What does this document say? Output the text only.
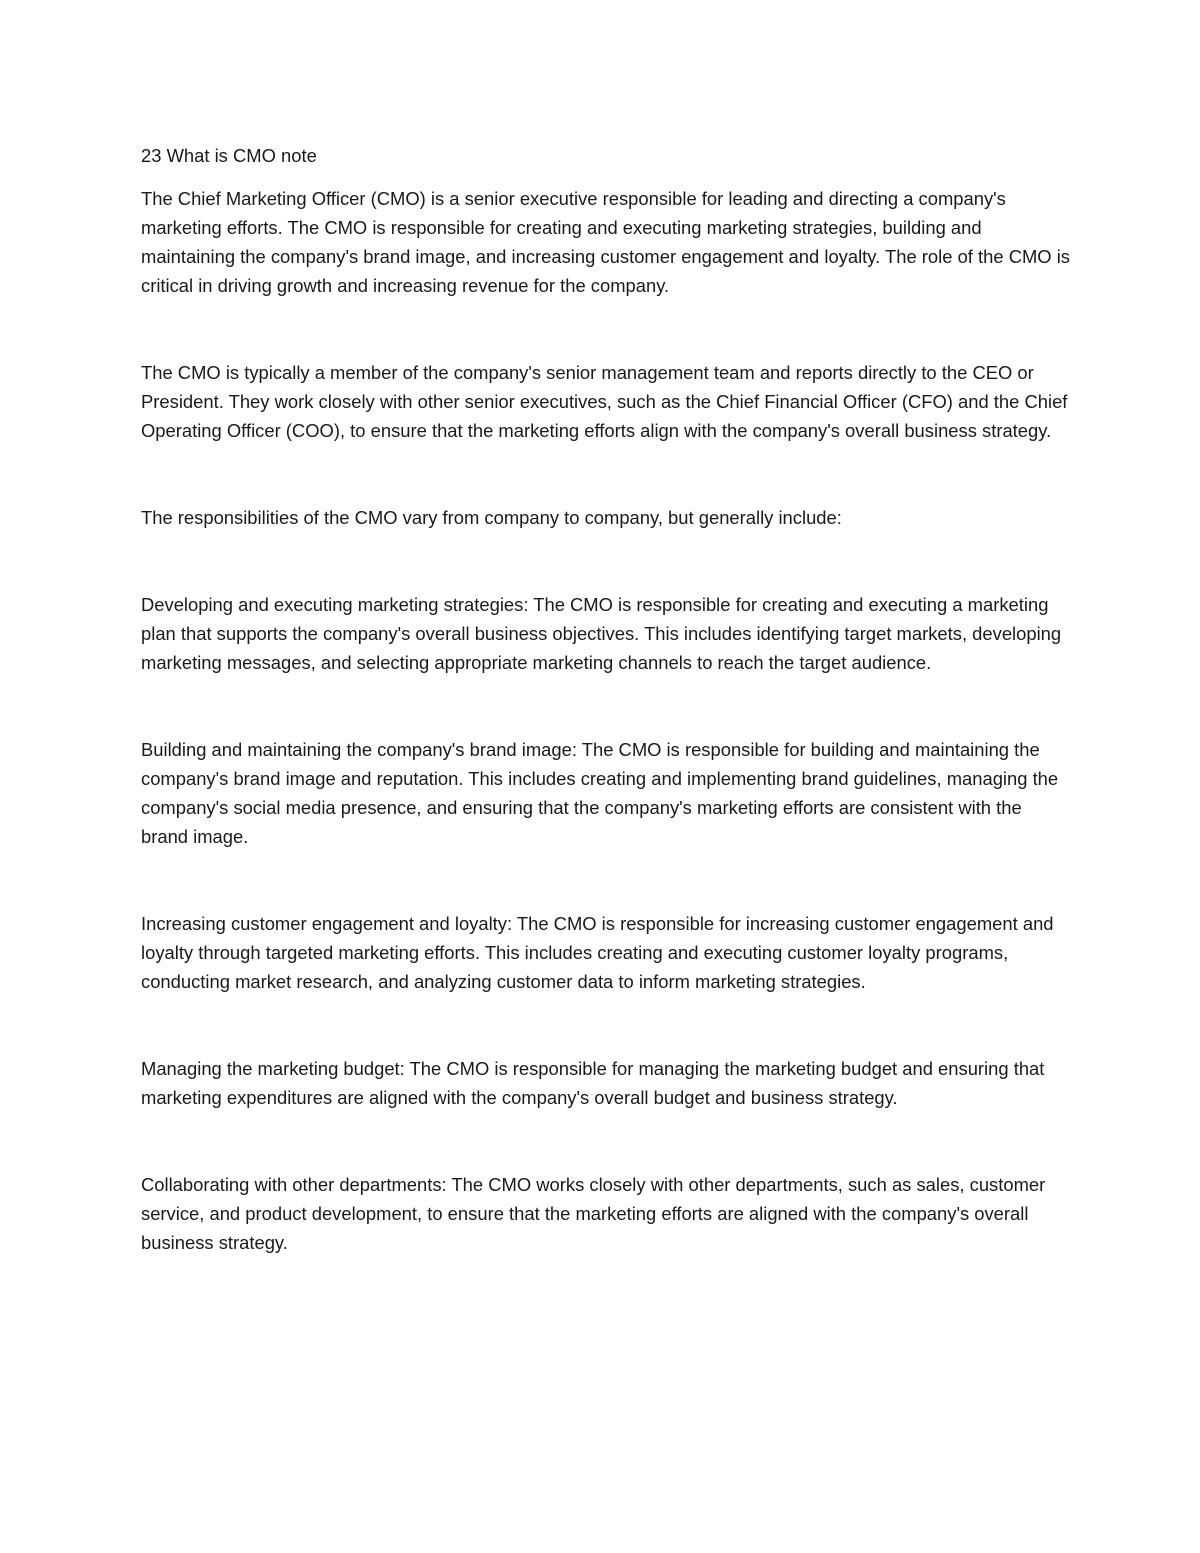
23 What is CMO note

The Chief Marketing Officer (CMO) is a senior executive responsible for leading and directing a company's marketing efforts. The CMO is responsible for creating and executing marketing strategies, building and maintaining the company's brand image, and increasing customer engagement and loyalty. The role of the CMO is critical in driving growth and increasing revenue for the company.

The CMO is typically a member of the company's senior management team and reports directly to the CEO or President. They work closely with other senior executives, such as the Chief Financial Officer (CFO) and the Chief Operating Officer (COO), to ensure that the marketing efforts align with the company's overall business strategy.

The responsibilities of the CMO vary from company to company, but generally include:

Developing and executing marketing strategies: The CMO is responsible for creating and executing a marketing plan that supports the company's overall business objectives. This includes identifying target markets, developing marketing messages, and selecting appropriate marketing channels to reach the target audience.

Building and maintaining the company's brand image: The CMO is responsible for building and maintaining the company's brand image and reputation. This includes creating and implementing brand guidelines, managing the company's social media presence, and ensuring that the company's marketing efforts are consistent with the brand image.

Increasing customer engagement and loyalty: The CMO is responsible for increasing customer engagement and loyalty through targeted marketing efforts. This includes creating and executing customer loyalty programs, conducting market research, and analyzing customer data to inform marketing strategies.

Managing the marketing budget: The CMO is responsible for managing the marketing budget and ensuring that marketing expenditures are aligned with the company's overall budget and business strategy.

Collaborating with other departments: The CMO works closely with other departments, such as sales, customer service, and product development, to ensure that the marketing efforts are aligned with the company's overall business strategy.
